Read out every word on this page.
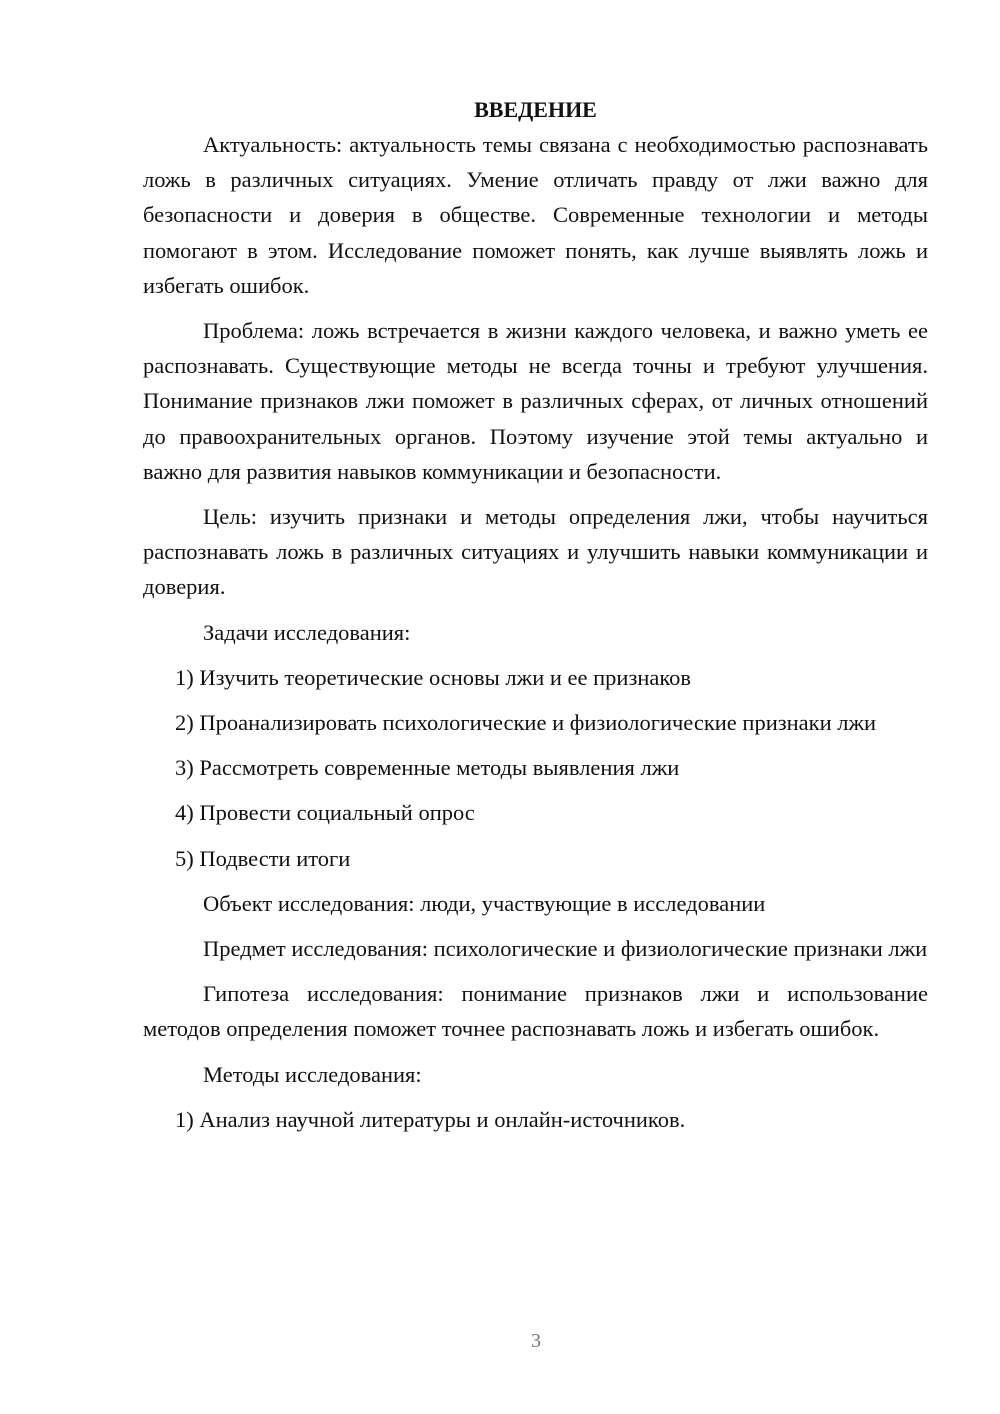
ВВЕДЕНИЕ

Актуальность: актуальность темы связана с необходимостью распознавать ложь в различных ситуациях. Умение отличать правду от лжи важно для безопасности и доверия в обществе. Современные технологии и методы помогают в этом. Исследование поможет понять, как лучше выявлять ложь и избегать ошибок.

Проблема: ложь встречается в жизни каждого человека, и важно уметь ее распознавать. Существующие методы не всегда точны и требуют улучшения. Понимание признаков лжи поможет в различных сферах, от личных отношений до правоохранительных органов. Поэтому изучение этой темы актуально и важно для развития навыков коммуникации и безопасности.

Цель: изучить признаки и методы определения лжи, чтобы научиться распознавать ложь в различных ситуациях и улучшить навыки коммуникации и доверия.

Задачи исследования:

1) Изучить теоретические основы лжи и ее признаков

2) Проанализировать психологические и физиологические признаки лжи

3) Рассмотреть современные методы выявления лжи

4) Провести социальный опрос

5) Подвести итоги

Объект исследования: люди, участвующие в исследовании

Предмет исследования: психологические и физиологические признаки лжи

Гипотеза исследования: понимание признаков лжи и использование методов определения поможет точнее распознавать ложь и избегать ошибок.

Методы исследования:

1) Анализ научной литературы и онлайн-источников.

3
